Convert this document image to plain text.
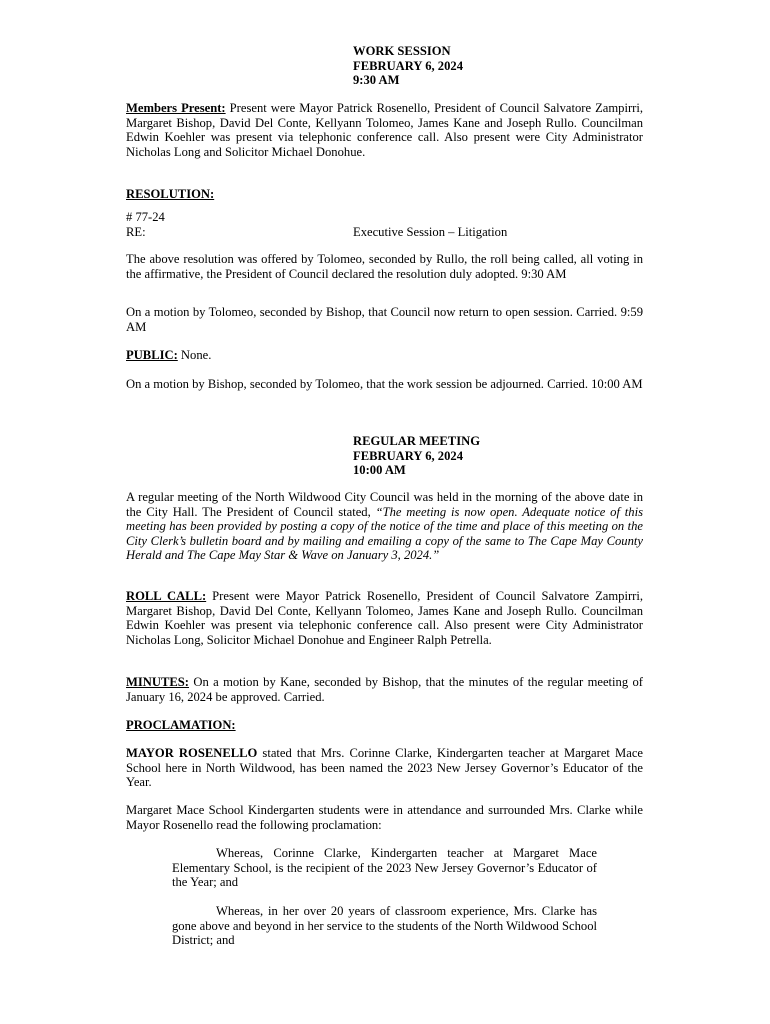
WORK SESSION
FEBRUARY 6, 2024
9:30 AM
Members Present: Present were Mayor Patrick Rosenello, President of Council Salvatore Zampirri, Margaret Bishop, David Del Conte, Kellyann Tolomeo, James Kane and Joseph Rullo. Councilman Edwin Koehler was present via telephonic conference call. Also present were City Administrator Nicholas Long and Solicitor Michael Donohue.
RESOLUTION:
# 77-24
RE:	Executive Session – Litigation
The above resolution was offered by Tolomeo, seconded by Rullo, the roll being called, all voting in the affirmative, the President of Council declared the resolution duly adopted. 9:30 AM
On a motion by Tolomeo, seconded by Bishop, that Council now return to open session. Carried. 9:59 AM
PUBLIC: None.
On a motion by Bishop, seconded by Tolomeo, that the work session be adjourned. Carried. 10:00 AM
REGULAR MEETING
FEBRUARY 6, 2024
10:00 AM
A regular meeting of the North Wildwood City Council was held in the morning of the above date in the City Hall. The President of Council stated, “The meeting is now open. Adequate notice of this meeting has been provided by posting a copy of the notice of the time and place of this meeting on the City Clerk’s bulletin board and by mailing and emailing a copy of the same to The Cape May County Herald and The Cape May Star & Wave on January 3, 2024.”
ROLL CALL: Present were Mayor Patrick Rosenello, President of Council Salvatore Zampirri, Margaret Bishop, David Del Conte, Kellyann Tolomeo, James Kane and Joseph Rullo. Councilman Edwin Koehler was present via telephonic conference call. Also present were City Administrator Nicholas Long, Solicitor Michael Donohue and Engineer Ralph Petrella.
MINUTES: On a motion by Kane, seconded by Bishop, that the minutes of the regular meeting of January 16, 2024 be approved. Carried.
PROCLAMATION:
MAYOR ROSENELLO stated that Mrs. Corinne Clarke, Kindergarten teacher at Margaret Mace School here in North Wildwood, has been named the 2023 New Jersey Governor’s Educator of the Year.
Margaret Mace School Kindergarten students were in attendance and surrounded Mrs. Clarke while Mayor Rosenello read the following proclamation:
Whereas, Corinne Clarke, Kindergarten teacher at Margaret Mace Elementary School, is the recipient of the 2023 New Jersey Governor’s Educator of the Year; and
Whereas, in her over 20 years of classroom experience, Mrs. Clarke has gone above and beyond in her service to the students of the North Wildwood School District; and
